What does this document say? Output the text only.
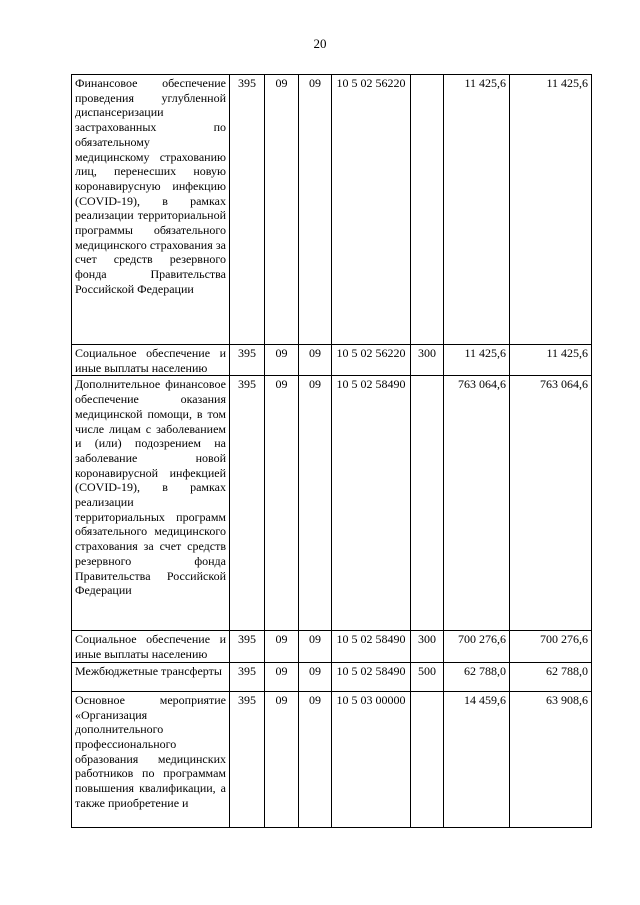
20
Финансовое обеспечение проведения углубленной диспансеризации застрахованных по обязательному медицинскому страхованию лиц, перенесших новую коронавирусную инфекцию (COVID-19), в рамках реализации территориальной программы обязательного медицинского страхования за счет средств резервного фонда Правительства Российской Федерации	395	09	09	10 5 02 56220		11 425,6	11 425,6
Социальное обеспечение и иные выплаты населению	395	09	09	10 5 02 56220	300	11 425,6	11 425,6
Дополнительное финансовое обеспечение оказания медицинской помощи, в том числе лицам с заболеванием и (или) подозрением на заболевание новой коронавирусной инфекцией (COVID-19), в рамках реализации территориальных программ обязательного медицинского страхования за счет средств резервного фонда Правительства Российской Федерации	395	09	09	10 5 02 58490		763 064,6	763 064,6
Социальное обеспечение и иные выплаты населению	395	09	09	10 5 02 58490	300	700 276,6	700 276,6
Межбюджетные трансферты	395	09	09	10 5 02 58490	500	62 788,0	62 788,0
Основное мероприятие «Организация дополнительного профессионального образования медицинских работников по программам повышения квалификации, а также приобретение и	395	09	09	10 5 03 00000		14 459,6	63 908,6
